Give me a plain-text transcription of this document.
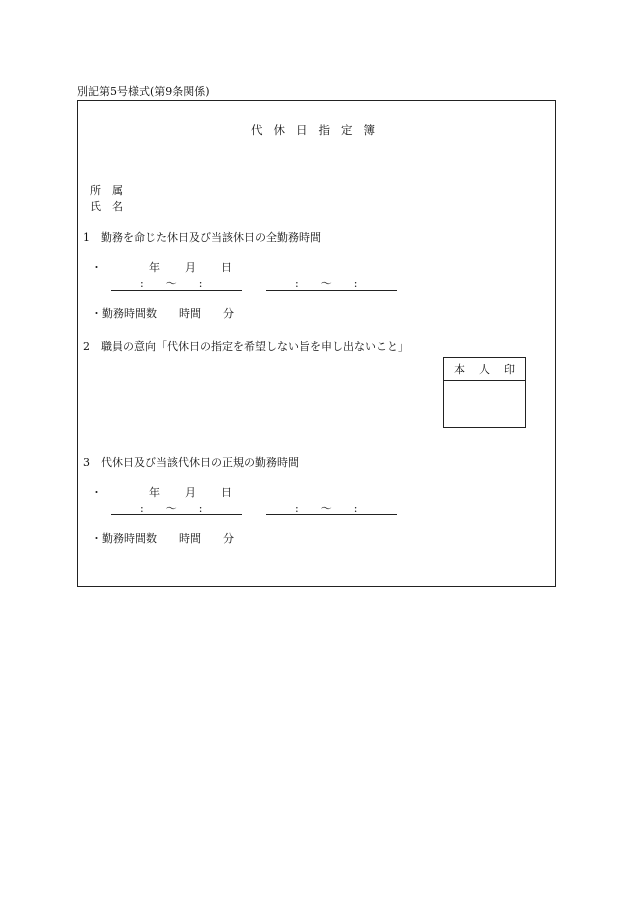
別記第5号様式(第9条関係)
代休日指定簿
所　属
氏　名
1　勤務を命じた休日及び当該休日の全勤務時間
・	年 月 日
:　　〜　　:	:　　〜　　:
・勤務時間数　　時間　　分
2　職員の意向「代休日の指定を希望しない旨を申し出ないこと」
本人印
3　代休日及び当該代休日の正規の勤務時間
・	年 月 日
:　　〜　　:	:　　〜　　:
・勤務時間数　　時間　　分
